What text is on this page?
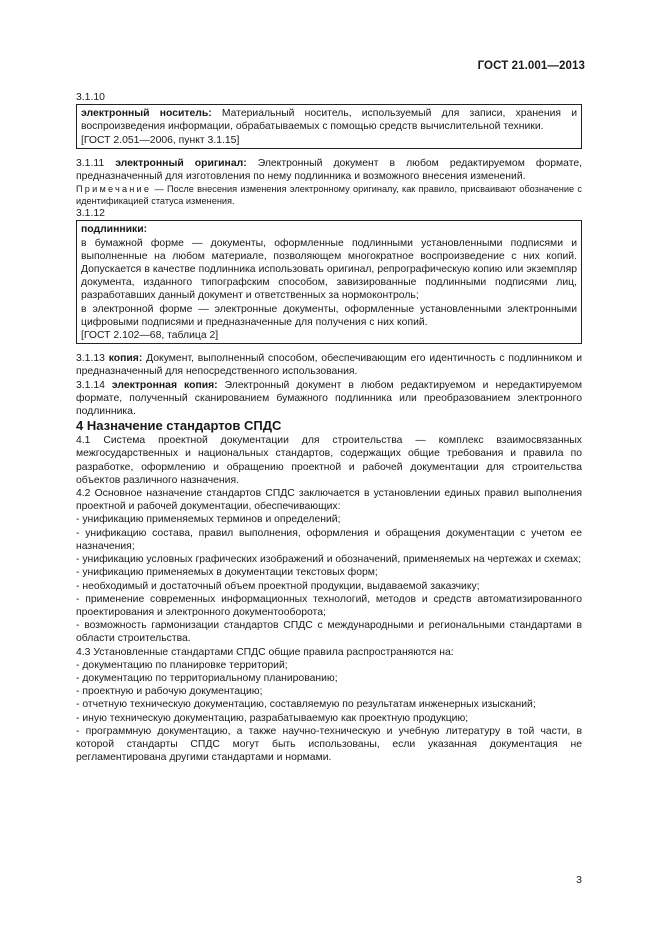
ГОСТ 21.001—2013

3.1.10

электронный носитель: Материальный носитель, используемый для записи, хранения и воспроизведения информации, обрабатываемых с помощью средств вычислительной техники.

[ГОСТ 2.051—2006, пункт 3.1.15]

3.1.11 электронный оригинал: Электронный документ в любом редактируемом формате, предназначенный для изготовления по нему подлинника и возможного внесения изменений.

Примечание — После внесения изменения электронному оригиналу, как правило, присваивают обозначение с идентификацией статуса изменения.

3.1.12

подлинники:

в бумажной форме — документы, оформленные подлинными установленными подписями и выполненные на любом материале, позволяющем многократное воспроизведение с них копий. Допускается в качестве подлинника использовать оригинал, репрографическую копию или экземпляр документа, изданного типографским способом, завизированные подлинными подписями лиц, разработавших данный документ и ответственных за нормоконтроль;

в электронной форме — электронные документы, оформленные установленными электронными цифровыми подписями и предназначенные для получения с них копий.

[ГОСТ 2.102—68, таблица 2]

3.1.13 копия: Документ, выполненный способом, обеспечивающим его идентичность с подлинником и предназначенный для непосредственного использования.

3.1.14 электронная копия: Электронный документ в любом редактируемом и нередактируемом формате, полученный сканированием бумажного подлинника или преобразованием электронного подлинника.

4 Назначение стандартов СПДС

4.1 Система проектной документации для строительства — комплекс взаимосвязанных межгосударственных и национальных стандартов, содержащих общие требования и правила по разработке, оформлению и обращению проектной и рабочей документации для строительства объектов различного назначения.

4.2 Основное назначение стандартов СПДС заключается в установлении единых правил выполнения проектной и рабочей документации, обеспечивающих:

- унификацию применяемых терминов и определений;

- унификацию состава, правил выполнения, оформления и обращения документации с учетом ее назначения;

- унификацию условных графических изображений и обозначений, применяемых на чертежах и схемах;

- унификацию применяемых в документации текстовых форм;

- необходимый и достаточный объем проектной продукции, выдаваемой заказчику;

- применение современных информационных технологий, методов и средств автоматизированного проектирования и электронного документооборота;

- возможность гармонизации стандартов СПДС с международными и региональными стандартами в области строительства.

4.3 Установленные стандартами СПДС общие правила распространяются на:

- документацию по планировке территорий;

- документацию по территориальному планированию;

- проектную и рабочую документацию;

- отчетную техническую документацию, составляемую по результатам инженерных изысканий;

- иную техническую документацию, разрабатываемую как проектную продукцию;

- программную документацию, а также научно-техническую и учебную литературу в той части, в которой стандарты СПДС могут быть использованы, если указанная документация не регламентирована другими стандартами и нормами.

3
